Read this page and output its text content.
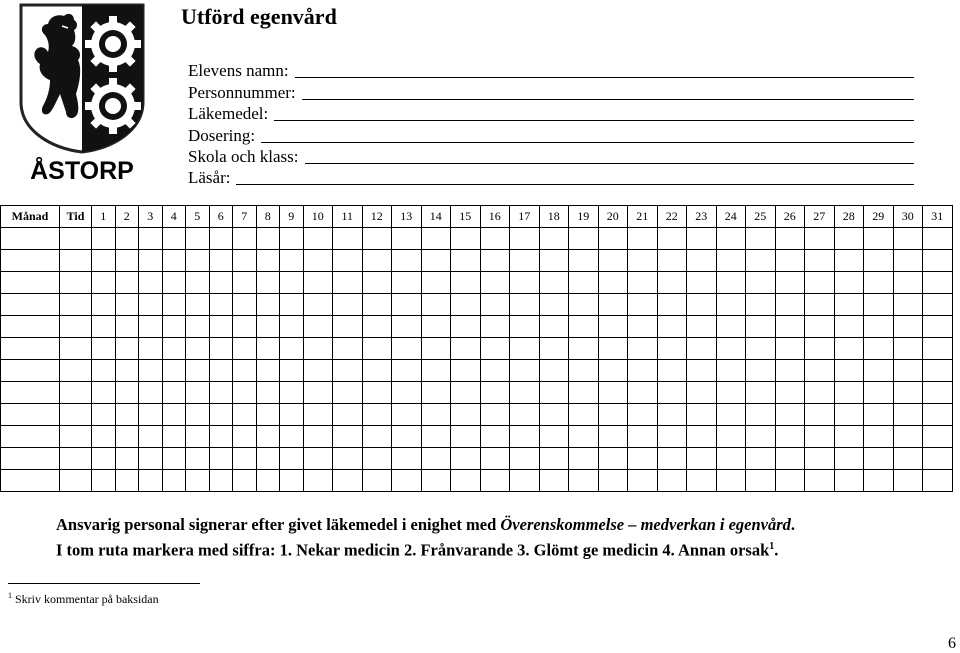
ÅSTORP
Utförd egenvård
Elevens namn:
Personnummer:
Läkemedel:
Dosering:
Skola och klass:
Läsår:
Månad	Tid	1	2	3	4	5	6	7	8	9	10	11	12	13	14	15	16	17	18	19	20	21	22	23	24	25	26	27	28	29	30	31

Ansvarig personal signerar efter givet läkemedel i enighet med Överenskommelse – medverkan i egenvård.

I tom ruta markera med siffra: 1. Nekar medicin 2. Frånvarande 3. Glömt ge medicin 4. Annan orsak$^1$.

$^1$ Skriv kommentar på baksidan
6
